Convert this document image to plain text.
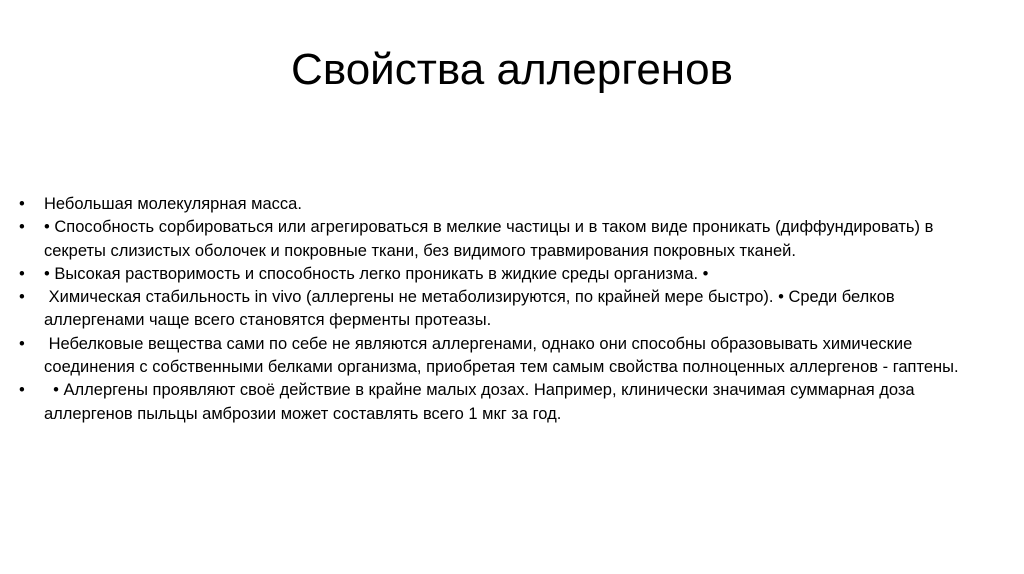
Свойства аллергенов
• Небольшая молекулярная масса.
• • Способность сорбироваться или агрегироваться в мелкие частицы и в таком виде проникать (диффундировать) в секреты слизистых оболочек и покровные ткани, без видимого травмирования покровных тканей.
• • Высокая растворимость и способность легко проникать в жидкие среды организма. •
• Химическая стабильность in vivo (аллергены не метаболизируются, по крайней мере быстро). • Среди белков аллергенами чаще всего становятся ферменты протеазы.
• Небелковые вещества сами по себе не являются аллергенами, однако они способны образовывать химические соединения с собственными белками организма, приобретая тем самым свойства полноценных аллергенов - гаптены.
• • Аллергены проявляют своё действие в крайне малых дозах. Например, клинически значимая суммарная доза аллергенов пыльцы амброзии может составлять всего 1 мкг за год.
